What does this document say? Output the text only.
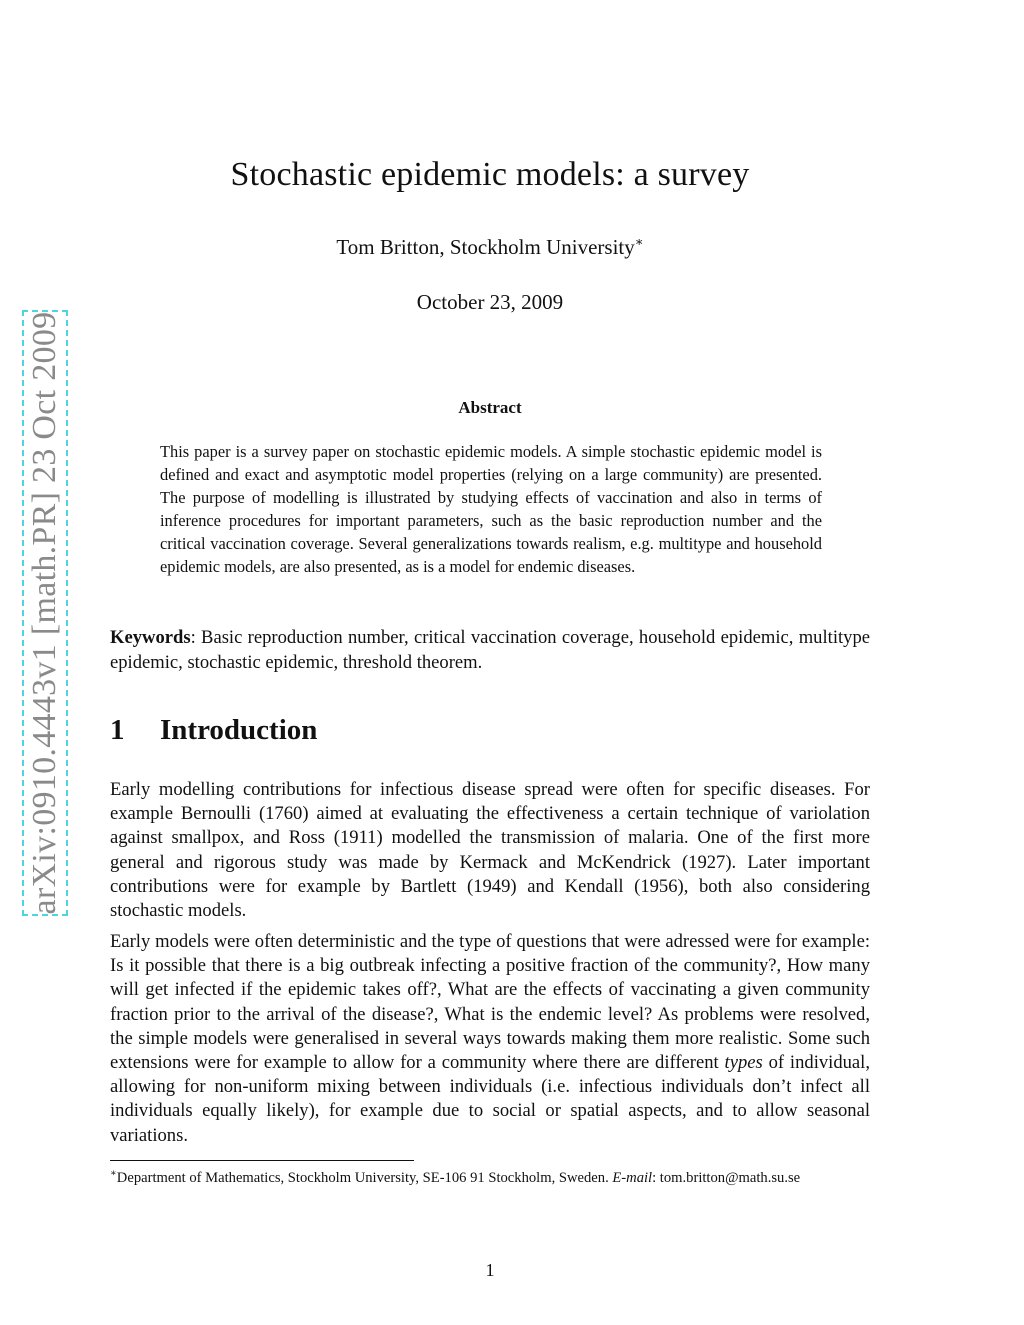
arXiv:0910.4443v1 [math.PR] 23 Oct 2009
Stochastic epidemic models: a survey
Tom Britton, Stockholm University∗
October 23, 2009
Abstract

This paper is a survey paper on stochastic epidemic models. A simple stochastic epidemic model is defined and exact and asymptotic model properties (relying on a large community) are presented. The purpose of modelling is illustrated by studying effects of vaccination and also in terms of inference procedures for important parameters, such as the basic reproduction number and the critical vaccination coverage. Several generalizations towards realism, e.g. multitype and household epidemic models, are also presented, as is a model for endemic diseases.

Keywords: Basic reproduction number, critical vaccination coverage, household epidemic, multitype epidemic, stochastic epidemic, threshold theorem.

1 Introduction

Early modelling contributions for infectious disease spread were often for specific diseases. For example Bernoulli (1760) aimed at evaluating the effectiveness a certain technique of variolation against smallpox, and Ross (1911) modelled the transmission of malaria. One of the first more general and rigorous study was made by Kermack and McKendrick (1927). Later important contributions were for example by Bartlett (1949) and Kendall (1956), both also considering stochastic models.

Early models were often deterministic and the type of questions that were adressed were for example: Is it possible that there is a big outbreak infecting a positive fraction of the community?, How many will get infected if the epidemic takes off?, What are the effects of vaccinating a given community fraction prior to the arrival of the disease?, What is the endemic level? As problems were resolved, the simple models were generalised in several ways towards making them more realistic. Some such extensions were for example to allow for a community where there are different types of individual, allowing for non-uniform mixing between individuals (i.e. infectious individuals don’t infect all individuals equally likely), for example due to social or spatial aspects, and to allow seasonal variations.

∗Department of Mathematics, Stockholm University, SE-106 91 Stockholm, Sweden. E-mail: tom.britton@math.su.se

1
